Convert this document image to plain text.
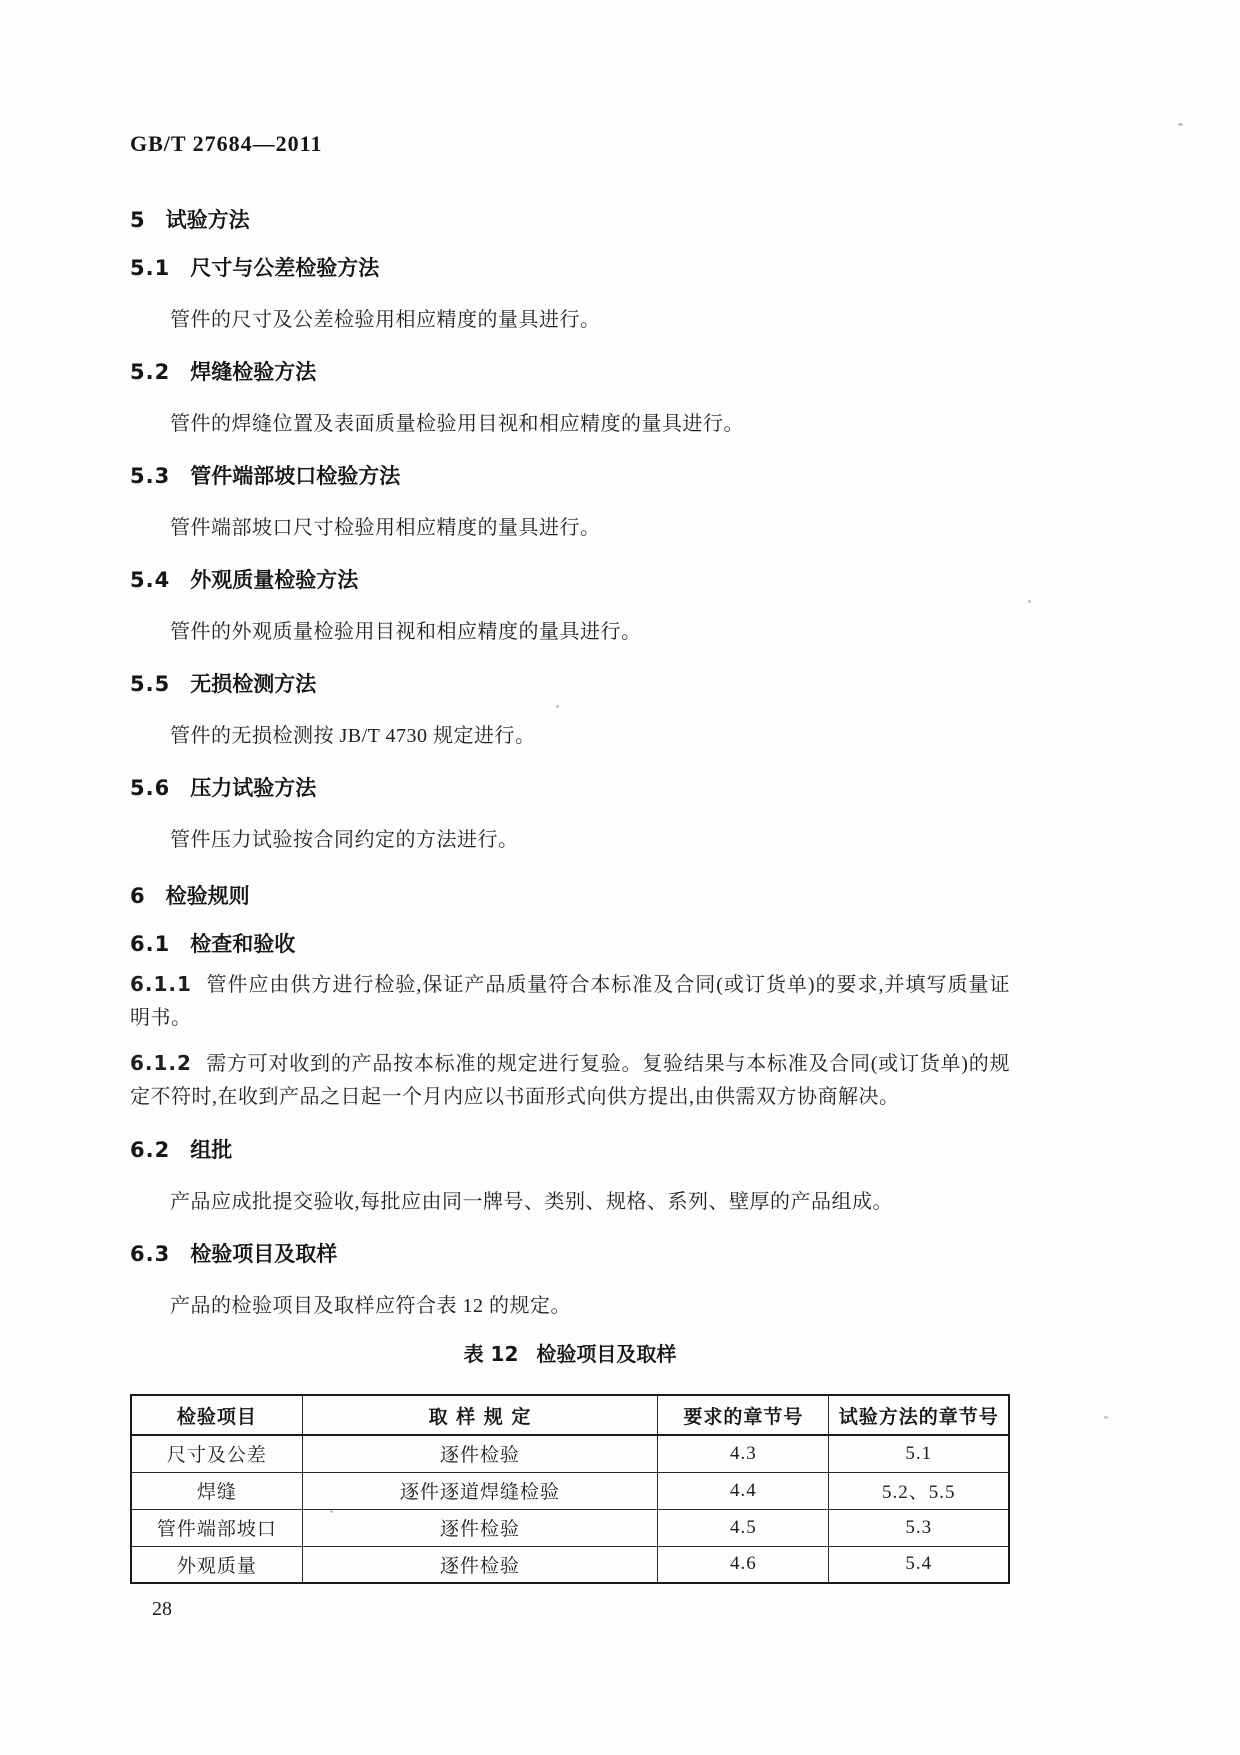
GB/T 27684—2011
5 试验方法
5.1 尺寸与公差检验方法
管件的尺寸及公差检验用相应精度的量具进行。
5.2 焊缝检验方法
管件的焊缝位置及表面质量检验用目视和相应精度的量具进行。
5.3 管件端部坡口检验方法
管件端部坡口尺寸检验用相应精度的量具进行。
5.4 外观质量检验方法
管件的外观质量检验用目视和相应精度的量具进行。
5.5 无损检测方法
管件的无损检测按 JB/T 4730 规定进行。
5.6 压力试验方法
管件压力试验按合同约定的方法进行。
6 检验规则
6.1 检查和验收
6.1.1 管件应由供方进行检验,保证产品质量符合本标准及合同(或订货单)的要求,并填写质量证明书。
6.1.2 需方可对收到的产品按本标准的规定进行复验。复验结果与本标准及合同(或订货单)的规定不符时,在收到产品之日起一个月内应以书面形式向供方提出,由供需双方协商解决。
6.2 组批
产品应成批提交验收,每批应由同一牌号、类别、规格、系列、壁厚的产品组成。
6.3 检验项目及取样
产品的检验项目及取样应符合表 12 的规定。
表 12 检验项目及取样
检验项目	取 样 规 定	要求的章节号	试验方法的章节号
尺寸及公差	逐件检验	4.3	5.1
焊缝	逐件逐道焊缝检验	4.4	5.2、5.5
管件端部坡口	逐件检验	4.5	5.3
外观质量	逐件检验	4.6	5.4
28
